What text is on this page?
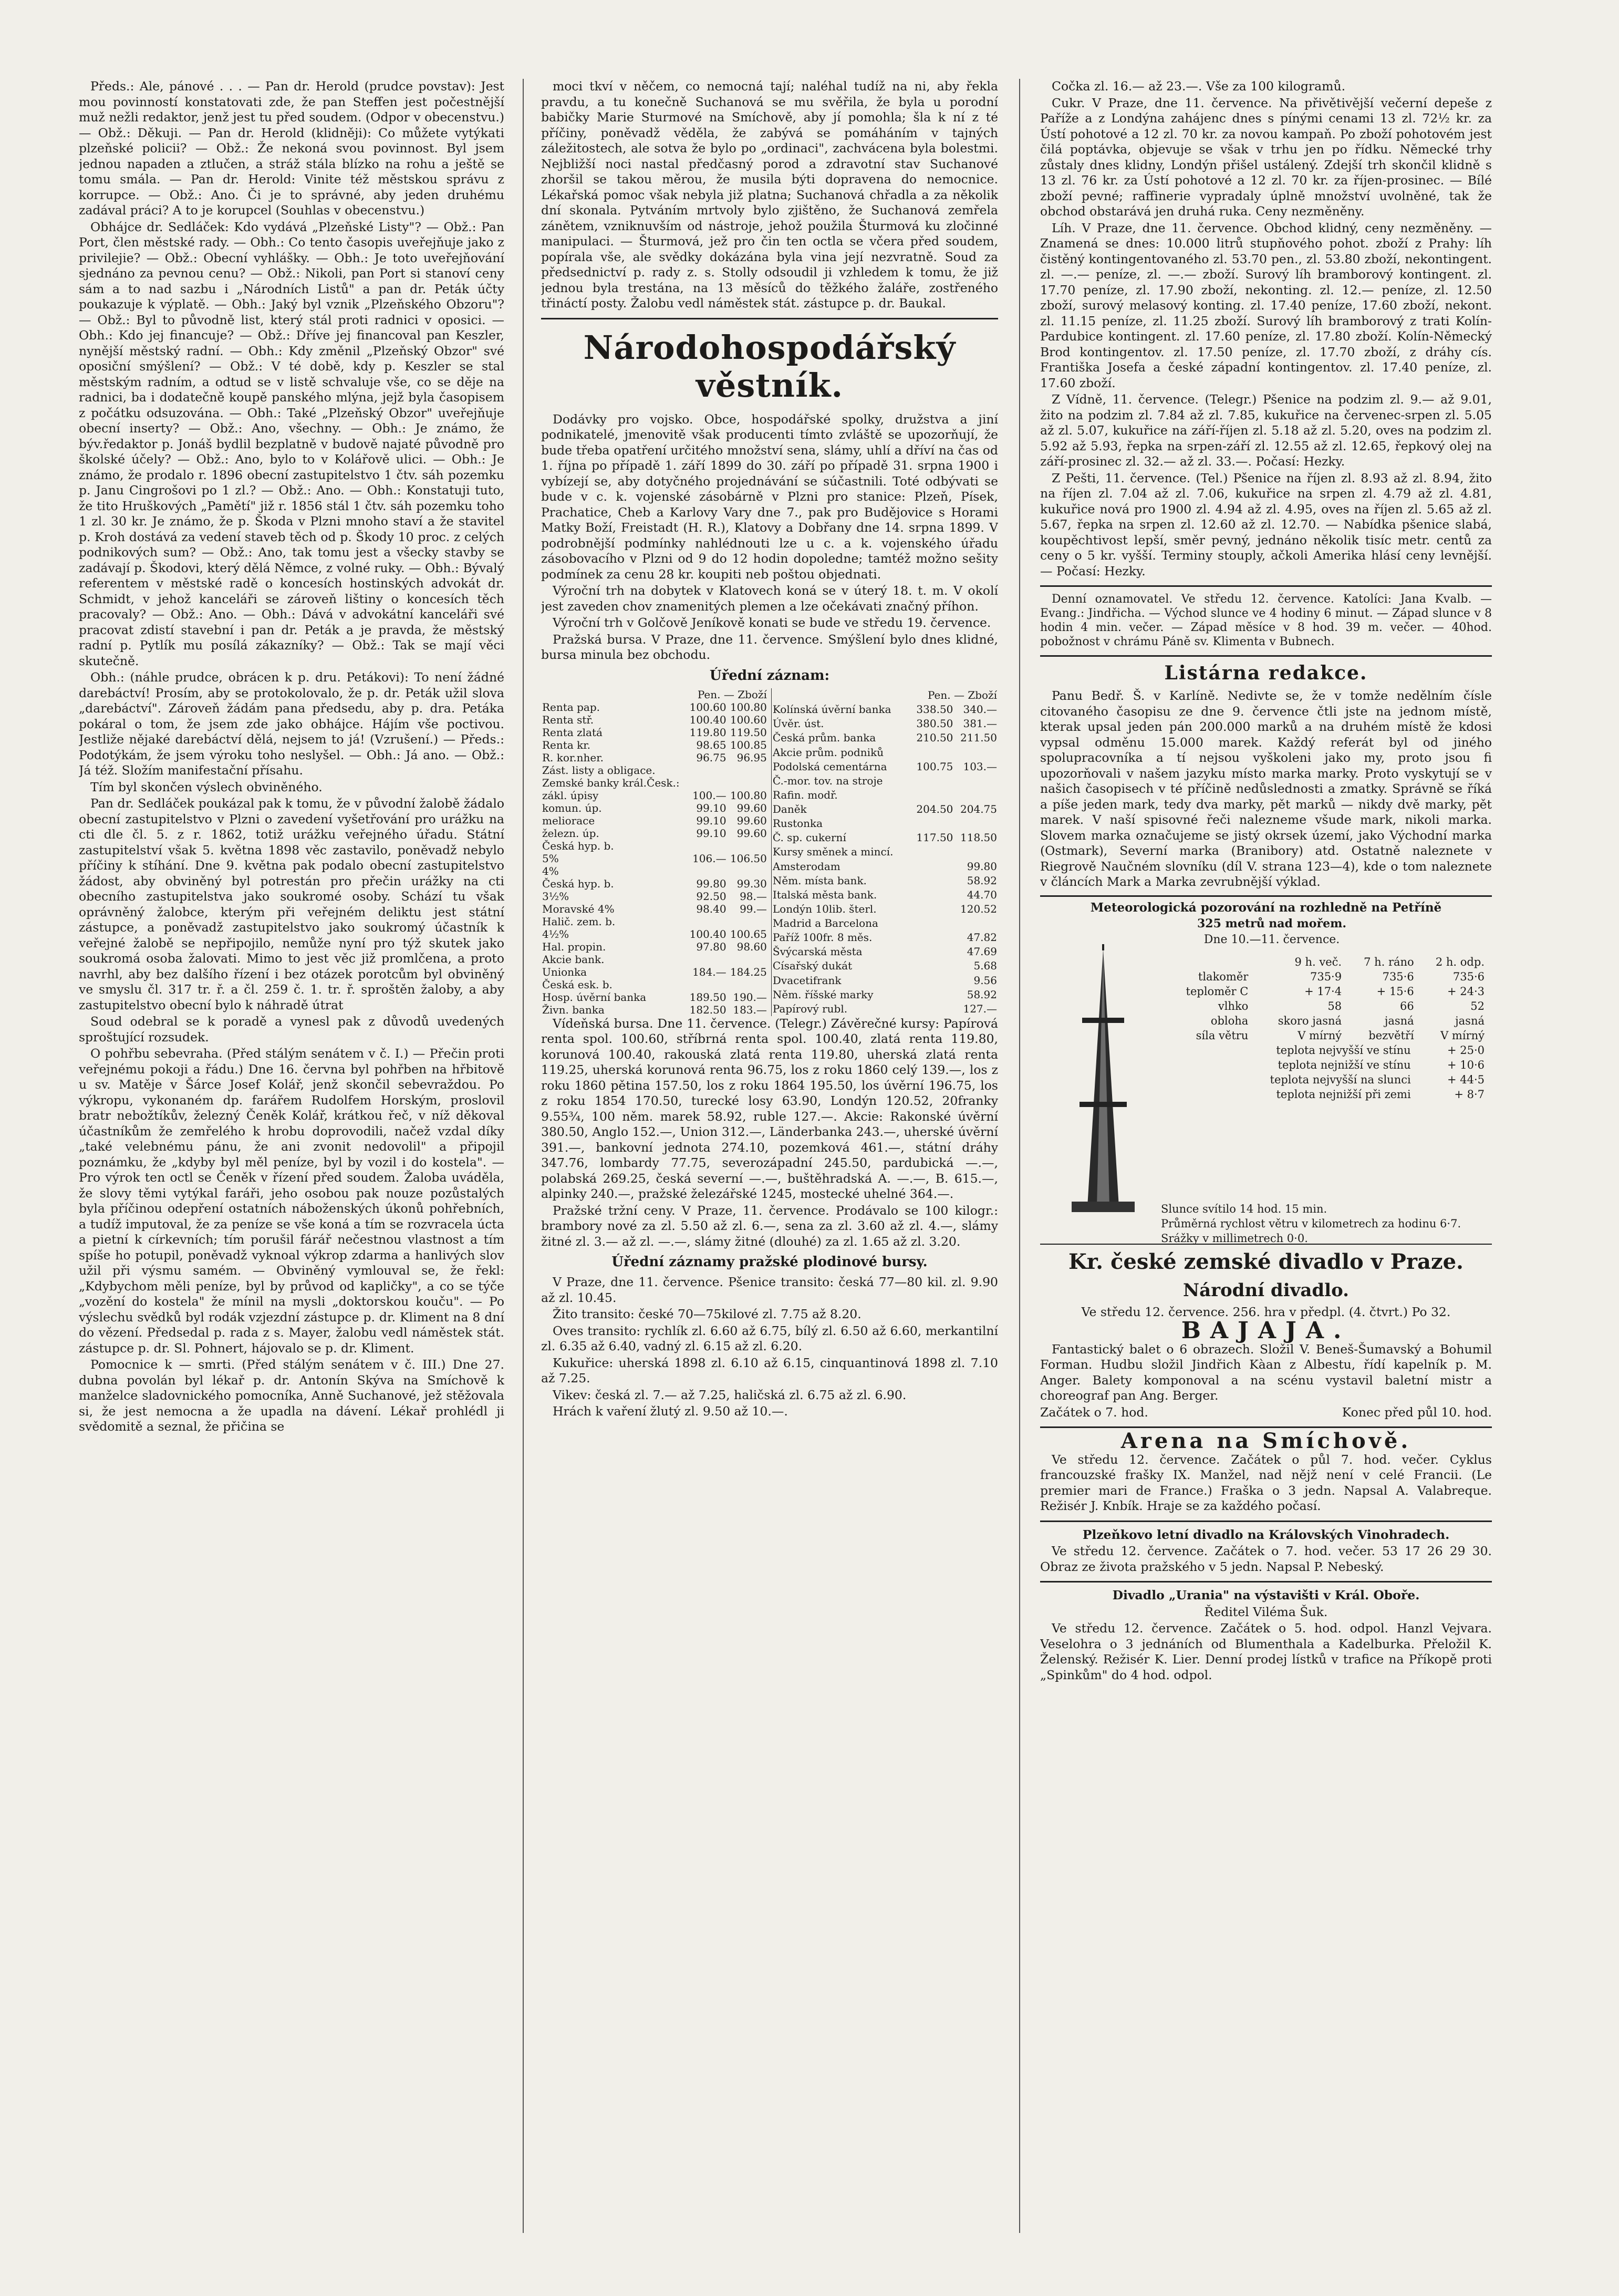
Předs.: Ale, pánové . . . — Pan dr. Herold (prudce povstav): Jest mou povinností konstatovati zde, že pan Steffen jest počestnější muž nežli redaktor, jenž jest tu před soudem. (Odpor v obecenstvu.) — Obž.: Děkuji. — Pan dr. Herold (klidněji): Co můžete vytýkati plzeňské policii? — Obž.: Že nekoná svou povinnost. Byl jsem jednou napaden a ztlučen, a stráž stála blízko na rohu a ještě se tomu smála. — Pan dr. Herold: Vinite též městskou správu z korrupce. — Obž.: Ano. Či je to správné, aby jeden druhému zadával práci? A to je korupcel (Souhlas v obecenstvu.)

Obhájce dr. Sedláček: Kdo vydává „Plzeňské Listy"? — Obž.: Pan Port, člen městské rady. — Obh.: Co tento časopis uveřejňuje jako z privilejie? — Obž.: Obecní vyhlášky. — Obh.: Je toto uveřejňování sjednáno za pevnou cenu? — Obž.: Nikoli, pan Port si stanoví ceny sám a to nad sazbu i „Národních Listů" a pan dr. Peták účty poukazuje k výplatě. — Obh.: Jaký byl vznik „Plzeňského Obzoru"? — Obž.: Byl to původně list, který stál proti radnici v oposici. — Obh.: Kdo jej financuje? — Obž.: Dříve jej financoval pan Keszler, nynější městský radní. — Obh.: Kdy změnil „Plzeňský Obzor" své oposiční smýšlení? — Obž.: V té době, kdy p. Keszler se stal městským radním, a odtud se v listě schvaluje vše, co se děje na radnici, ba i dodatečně koupě panského mlýna, jejž byla časopisem z počátku odsuzována. — Obh.: Také „Plzeňský Obzor" uveřejňuje obecní inserty? — Obž.: Ano, všechny. — Obh.: Je známo, že býv.ředaktor p. Jonáš bydlil bezplatně v budově najaté původně pro školské účely? — Obž.: Ano, bylo to v Kolářově ulici. — Obh.: Je známo, že prodalo r. 1896 obecní zastupitelstvo 1 čtv. sáh pozemku p. Janu Cingrošovi po 1 zl.? — Obž.: Ano. — Obh.: Konstatuji tuto, že tito Hruškových „Pamětí" již r. 1856 stál 1 čtv. sáh pozemku toho 1 zl. 30 kr. Je známo, že p. Škoda v Plzni mnoho staví a že stavitel p. Kroh dostává za vedení staveb těch od p. Škody 10 proc. z celých podnikových sum? — Obž.: Ano, tak tomu jest a všecky stavby se zadávají p. Škodovi, který dělá Němce, z volné ruky. — Obh.: Bývalý referentem v městské radě o koncesích hostinských advokát dr. Schmidt, v jehož kanceláři se zároveň lištiny o koncesích těch pracovaly? — Obž.: Ano. — Obh.: Dává v advokátní kanceláři své pracovat zdistí stavební i pan dr. Peták a je pravda, že městský radní p. Pytlík mu posílá zákazníky? — Obž.: Tak se mají věci skutečně.

Obh.: (náhle prudce, obrácen k p. dru. Petákovi): To není žádné darebáctví! Prosím, aby se protokolovalo, že p. dr. Peták užil slova „darebáctví". Zároveň žádám pana předsedu, aby p. dra. Petáka pokáral o tom, že jsem zde jako obhájce. Hájím vše poctivou. Jestliže nějaké darebáctví dělá, nejsem to já! (Vzrušení.) — Předs.: Podotýkám, že jsem výroku toho neslyšel. — Obh.: Já ano. — Obž.: Já též. Složím manifestační přísahu.

Tím byl skončen výslech obviněného.

Pan dr. Sedláček poukázal pak k tomu, že v původní žalobě žádalo obecní zastupitelstvo v Plzni o zavedení vyšetřování pro urážku na cti dle čl. 5. z r. 1862, totiž urážku veřejného úřadu. Státní zastupitelství však 5. května 1898 věc zastavilo, poněvadž nebylo příčiny k stíhání. Dne 9. května pak podalo obecní zastupitelstvo žádost, aby obviněný byl potrestán pro přečin urážky na cti obecního zastupitelstva jako soukromé osoby. Schází tu však oprávněný žalobce, kterým při veřejném deliktu jest státní zástupce, a poněvadž zastupitelstvo jako soukromý účastník k veřejné žalobě se nepřipojilo, nemůže nyní pro týž skutek jako soukromá osoba žalovati. Mimo to jest věc již promlčena, a proto navrhl, aby bez dalšího řízení i bez otázek porotcům byl obviněný ve smyslu čl. 317 tr. ř. a čl. 259 č. 1. tr. ř. sproštěn žaloby, a aby zastupitelstvo obecní bylo k náhradě útrat

Soud odebral se k poradě a vynesl pak z důvodů uvedených sproštující rozsudek.

O pohřbu sebevraha. (Před stálým senátem v č. I.) — Přečin proti veřejnému pokoji a řádu.) Dne 16. června byl pohřben na hřbitově u sv. Matěje v Šárce Josef Kolář, jenž skončil sebevraždou. Po výkropu, vykonaném dp. farářem Rudolfem Horským, proslovil bratr nebožtíkův, železný Čeněk Kolář, krátkou řeč, v níž děkoval účastníkům že zemřelého k hrobu doprovodili, načež vzdal díky „také velebnému pánu, že ani zvonit nedovolil" a připojil poznámku, že „kdyby byl měl peníze, byl by vozil i do kostela". — Pro výrok ten octl se Čeněk v řízení před soudem. Žaloba uváděla, že slovy těmi vytýkal faráři, jeho osobou pak nouze pozůstalých byla příčinou odepření ostatních náboženských úkonů pohřebních, a tudíž imputoval, že za peníze se vše koná a tím se rozvracela úcta a pietní k církevních; tím porušil fárář nečestnou vlastnost a tím spíše ho potupil, poněvadž vyknoal výkrop zdarma a hanlivých slov užil při výsmu samém. — Obviněný vymlouval se, že řekl: „Kdybychom měli peníze, byl by průvod od kapličky", a co se týče „vozění do kostela" že mínil na mysli „doktorskou kouču". — Po výslechu svědků byl rodák vzjezdní zástupce p. dr. Kliment na 8 dní do vězení. Předsedal p. rada z s. Mayer, žalobu vedl náměstek stát. zástupce p. dr. Sl. Pohnert, hájovalo se p. dr. Kliment.

Pomocnice k — smrti. (Před stálým senátem v č. III.) Dne 27. dubna povolán byl lékař p. dr. Antonín Skýva na Smíchově k manželce sladovnického pomocníka, Anně Suchanové, jež stěžovala si, že jest nemocna a že upadla na dávení. Lékař prohlédl ji svědomitě a seznal, že přičina se

moci tkví v něčem, co nemocná tají; naléhal tudíž na ni, aby řekla pravdu, a tu konečně Suchanová se mu svěřila, že byla u porodní babičky Marie Sturmové na Smíchově, aby jí pomohla; šla k ní z té příčiny, poněvadž věděla, že zabývá se pomáháním v tajných záležitostech, ale sotva že bylo po „ordinaci", zachvácena byla bolestmi. Nejbližší noci nastal předčasný porod a zdravotní stav Suchanové zhoršil se takou měrou, že musila býti dopravena do nemocnice. Lékařská pomoc však nebyla již platna; Suchanová chřadla a za několik dní skonala. Pytváním mrtvoly bylo zjištěno, že Suchanová zemřela zánětem, vzniknuvším od nástroje, jehož použila Šturmová ku zločinné manipulaci. — Šturmová, jež pro čin ten octla se včera před soudem, popírala vše, ale svědky dokázána byla vina její nezvratně. Soud za předsednictví p. rady z. s. Stolly odsoudil ji vzhledem k tomu, že již jednou byla trestána, na 13 měsíců do těžkého žaláře, zostřeného třináctí posty. Žalobu vedl náměstek stát. zástupce p. dr. Baukal.

Národohospodářský věstník.

Dodávky pro vojsko. Obce, hospodářské spolky, družstva a jiní podnikatelé, jmenovitě však producenti tímto zvláště se upozorňují, že bude třeba opatření určitého množství sena, slámy, uhlí a dříví na čas od 1. října po případě 1. září 1899 do 30. září po případě 31. srpna 1900 i vybízejí se, aby dotyčného projednávání se súčastnili. Toté odbývati se bude v c. k. vojenské zásobárně v Plzni pro stanice: Plzeň, Písek, Prachatice, Cheb a Karlovy Vary dne 7., pak pro Budějovice s Horami Matky Boží, Freistadt (H. R.), Klatovy a Dobřany dne 14. srpna 1899. V podrobnější podmínky nahlédnouti lze u c. a k. vojenského úřadu zásobovacího v Plzni od 9 do 12 hodin dopoledne; tamtéž možno sešity podmínek za cenu 28 kr. koupiti neb poštou objednati.

Výroční trh na dobytek v Klatovech koná se v úterý 18. t. m. V okolí jest zaveden chov znamenitých plemen a lze očekávati značný příhon.

Výroční trh v Golčově Jeníkově konati se bude ve středu 19. července.

Pražská bursa. V Praze, dne 11. července. Smýšlení bylo dnes klidné, bursa minula bez obchodu.

Úřední záznam:
	Pen. — Zboží	
Renta pap.	100.60	100.80
Renta stř.	100.40	100.60
Renta zlatá	119.80	119.50
Renta kr.	98.65	100.85
R. kor.nher.	96.75	96.95
Zást. listy a obligace.		
Zemské banky král.Česk.:		
zákl. úpisy	100.—	100.80
komun. úp.	99.10	99.60
meliorace	99.10	99.60
železn. úp.	99.10	99.60
Česká hyp. b.		
5%	106.—	106.50
4%		
Česká hyp. b.	99.80	99.30
3½%	92.50	98.—
Moravské 4%	98.40	99.—
Halič. zem. b.		
4½%	100.40	100.65
Hal. propin.	97.80	98.60
Akcie bank.		
Unionka	184.—	184.25
Česká esk. b.		
Hosp. úvěrní banka	189.50	190.—
Živn. banka	182.50	183.—
	Pen. — Zboží	
Kolínská úvěrní banka	338.50	340.—
Úvěr. úst.	380.50	381.—
Česká prům. banka	210.50	211.50
Akcie prům. podniků		
Podolská cementárna	100.75	103.—
Č.-mor. tov. na stroje		
Rafin. modř.		
Daněk	204.50	204.75
Rustonka		
Č. sp. cukerní	117.50	118.50
Kursy směnek a mincí.		
Amsterodam		99.80
Něm. místa bank.		58.92
Italská města bank.		44.70
Londýn 10lib. šterl.		120.52
Madrid a Barcelona		
Paříž 100fr. 8 měs.		47.82
Švýcarská města		47.69
Císařský dukát		5.68
Dvacetifrank		9.56
Něm. říšské marky		58.92
Papírový rubl.		127.—

Vídeňská bursa. Dne 11. července. (Telegr.) Závěrečné kursy: Papírová renta spol. 100.60, stříbrná renta spol. 100.40, zlatá renta 119.80, korunová 100.40, rakouská zlatá renta 119.80, uherská zlatá renta 119.25, uherská korunová renta 96.75, los z roku 1860 celý 139.—, los z roku 1860 pětina 157.50, los z roku 1864 195.50, los úvěrní 196.75, los z roku 1854 170.50, turecké losy 63.90, Londýn 120.52, 20franky 9.55¾, 100 něm. marek 58.92, ruble 127.—. Akcie: Rakonské úvěrní 380.50, Anglo 152.—, Union 312.—, Länderbanka 243.—, uherské úvěrní 391.—, bankovní jednota 274.10, pozemková 461.—, státní dráhy 347.76, lombardy 77.75, severozápadní 245.50, pardubická —.—, polabská 269.25, česká severní —.—, buštěhradská A. —.—, B. 615.—, alpinky 240.—, pražské železářské 1245, mostecké uhelné 364.—.

Pražské tržní ceny. V Praze, 11. července. Prodávalo se 100 kilogr.: brambory nové za zl. 5.50 až zl. 6.—, sena za zl. 3.60 až zl. 4.—, slámy žitné zl. 3.— až zl. —.—, slámy žitné (dlouhé) za zl. 1.65 až zl. 3.20.

Úřední záznamy pražské plodinové bursy.

V Praze, dne 11. července. Pšenice transito: česká 77—80 kil. zl. 9.90 až zl. 10.45.

Žito transito: české 70—75kilové zl. 7.75 až 8.20.

Oves transito: rychlík zl. 6.60 až 6.75, bílý zl. 6.50 až 6.60, merkantilní zl. 6.35 až 6.40, vadný zl. 6.15 až zl. 6.20.

Kukuřice: uherská 1898 zl. 6.10 až 6.15, cinquantinová 1898 zl. 7.10 až 7.25.

Vikev: česká zl. 7.— až 7.25, haličská zl. 6.75 až zl. 6.90.

Hrách k vaření žlutý zl. 9.50 až 10.—.

Cočka zl. 16.— až 23.—. Vše za 100 kilogramů.

Cukr. V Praze, dne 11. července. Na přivětivější večerní depeše z Paříže a z Londýna zahájenc dnes s pínými cenami 13 zl. 72½ kr. za Ústí pohotové a 12 zl. 70 kr. za novou kampaň. Po zboží pohotovém jest čilá poptávka, objevuje se však v trhu jen po řídku. Německé trhy zůstaly dnes klidny, Londýn přišel ustálený. Zdejší trh skončil klidně s 13 zl. 76 kr. za Ústí pohotové a 12 zl. 70 kr. za říjen-prosinec. — Bílé zboží pevné; raffinerie vypradaly úplně množství uvolněné, tak že obchod obstarává jen druhá ruka. Ceny nezměněny.

Líh. V Praze, dne 11. července. Obchod klidný, ceny nezměněny. — Znamená se dnes: 10.000 litrů stupňového pohot. zboží z Prahy: líh čistěný kontingentovaného zl. 53.70 pen., zl. 53.80 zboží, nekontingent. zl. —.— peníze, zl. —.— zboží. Surový líh bramborový kontingent. zl. 17.70 peníze, zl. 17.90 zboží, nekonting. zl. 12.— peníze, zl. 12.50 zboží, surový melasový konting. zl. 17.40 peníze, 17.60 zboží, nekont. zl. 11.15 peníze, zl. 11.25 zboží. Surový líh bramborový z trati Kolín-Pardubice kontingent. zl. 17.60 peníze, zl. 17.80 zboží. Kolín-Německý Brod kontingentov. zl. 17.50 peníze, zl. 17.70 zboží, z dráhy cís. Františka Josefa a české západní kontingentov. zl. 17.40 peníze, zl. 17.60 zboží.

Z Vídně, 11. července. (Telegr.) Pšenice na podzim zl. 9.— až 9.01, žito na podzim zl. 7.84 až zl. 7.85, kukuřice na červenec-srpen zl. 5.05 až zl. 5.07, kukuřice na září-říjen zl. 5.18 až zl. 5.20, oves na podzim zl. 5.92 až 5.93, řepka na srpen-září zl. 12.55 až zl. 12.65, řepkový olej na září-prosinec zl. 32.— až zl. 33.—. Počasí: Hezky.

Z Pešti, 11. července. (Tel.) Pšenice na říjen zl. 8.93 až zl. 8.94, žito na říjen zl. 7.04 až zl. 7.06, kukuřice na srpen zl. 4.79 až zl. 4.81, kukuřice nová pro 1900 zl. 4.94 až zl. 4.95, oves na říjen zl. 5.65 až zl. 5.67, řepka na srpen zl. 12.60 až zl. 12.70. — Nabídka pšenice slabá, koupěchtivost lepší, směr pevný, jednáno několik tisíc metr. centů za ceny o 5 kr. vyšší. Terminy stouply, ačkoli Amerika hlásí ceny levnější. — Počasí: Hezky.

Denní oznamovatel. Ve středu 12. července. Katolíci: Jana Kvalb. — Evang.: Jindřicha. — Východ slunce ve 4 hodiny 6 minut. — Západ slunce v 8 hodin 4 min. večer. — Západ měsíce v 8 hod. 39 m. večer. — 40hod. pobožnost v chrámu Páně sv. Klimenta v Bubnech.

Listárna redakce.

Panu Bedř. Š. v Karlíně. Nedivte se, že v tomže nedělním čísle citovaného časopisu ze dne 9. července čtli jste na jednom místě, kterak upsal jeden pán 200.000 marků a na druhém místě že kdosi vypsal odměnu 15.000 marek. Každý referát byl od jiného spolupracovníka a tí nejsou vyškoleni jako my, proto jsou fi upozorňovali v našem jazyku místo marka marky. Proto vyskytují se v našich časopisech v té příčině nedůslednosti a zmatky. Správně se říká a píše jeden mark, tedy dva marky, pět marků — nikdy dvě marky, pět marek. V naší spisovné řeči nalezneme všude mark, nikoli marka. Slovem marka označujeme se jistý okrsek území, jako Východní marka (Ostmark), Severní marka (Branibory) atd. Ostatně naleznete v Riegrově Naučném slovníku (díl V. strana 123—4), kde o tom naleznete v článcích Mark a Marka zevrubnější výklad.

Meteorologická pozorování na rozhledně na Petříně

325 metrů nad mořem.

Dne 10.—11. července.

	9 h. več.	7 h. ráno	2 h. odp.
tlakoměr	735·9	735·6	735·6
teploměr C	+ 17·4	+ 15·6	+ 24·3
vlhko	58	66	52
obloha	skoro jasná	jasná	jasná
síla větru	V mírný	bezvětří	V mírný
teplota nejvyšší ve stínu			+ 25·0
teplota nejnižší ve stínu			+ 10·6
teplota nejvyšší na slunci			+ 44·5
teplota nejnižší při zemi			+ 8·7
Slunce svítilo 14 hod. 15 min.
Průměrná rychlost větru v kilometrech za hodinu 6·7.
Srážky v millimetrech 0·0.
Kr. české zemské divadlo v Praze.
Národní divadlo.

Ve středu 12. července. 256. hra v předpl. (4. čtvrt.) Po 32.

BAJAJA.

Fantastický balet o 6 obrazech. Složil V. Beneš-Šumavský a Bohumil Forman. Hudbu složil Jindřich Kàan z Albestu, řídí kapelník p. M. Anger. Balety komponoval a na scénu vystavil baletní mistr a choreograf pan Ang. Berger.

Začátek o 7. hod.	Konec před půl 10. hod.
Arena na Smíchově.

Ve středu 12. července. Začátek o půl 7. hod. večer. Cyklus francouzské frašky IX. Manžel, nad nějž není v celé Francii. (Le premier mari de France.) Fraška o 3 jedn. Napsal A. Valabreque. Režisér J. Knbík. Hraje se za každého počasí.

Plzeňkovo letní divadlo na Královských Vinohradech.

Ve středu 12. července. Začátek o 7. hod. večer. 53 17 26 29 30. Obraz ze života pražského v 5 jedn. Napsal P. Nebeský.

Divadlo „Urania" na výstavišti v Král. Oboře.

Ředitel Viléma Šuk.

Ve středu 12. července. Začátek o 5. hod. odpol. Hanzl Vejvara. Veselohra o 3 jednáních od Blumenthala a Kadelburka. Přeložil K. Želenský. Režisér K. Lier. Denní prodej lístků v trafice na Příkopě proti „Spinkům" do 4 hod. odpol.
